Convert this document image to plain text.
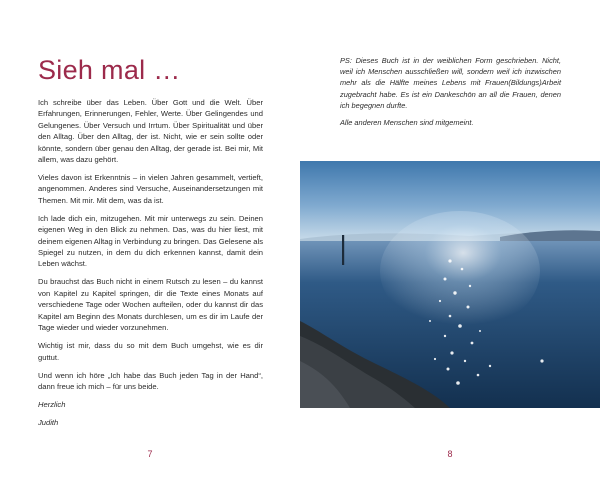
Sieh mal …

Ich schreibe über das Leben. Über Gott und die Welt. Über Erfahrungen, Erinnerungen, Fehler, Werte. Über Gelingendes und Gelungenes. Über Versuch und Irrtum. Über Spiritualität und über den Alltag. Über den Alltag, der ist. Nicht, wie er sein sollte oder könnte, sondern über genau den Alltag, der gerade ist. Bei mir, Mit allem, was dazu gehört.

Vieles davon ist Erkenntnis – in vielen Jahren gesammelt, vertieft, angenommen. Anderes sind Versuche, Auseinandersetzungen mit Themen. Mit mir. Mit dem, was da ist.

Ich lade dich ein, mitzugehen. Mit mir unterwegs zu sein. Deinen eigenen Weg in den Blick zu nehmen. Das, was du hier liest, mit deinem eigenen Alltag in Verbindung zu bringen. Das Gelesene als Spiegel zu nutzen, in dem du dich erkennen kannst, damit dein Leben wächst.

Du brauchst das Buch nicht in einem Rutsch zu lesen – du kannst von Kapitel zu Kapitel springen, dir die Texte eines Monats auf verschiedene Tage oder Wochen aufteilen, oder du kannst dir das Kapitel am Beginn des Monats durchlesen, um es dir im Laufe der Tage wieder und wieder vorzunehmen.

Wichtig ist mir, dass du so mit dem Buch umgehst, wie es dir guttut.

Und wenn ich höre „Ich habe das Buch jeden Tag in der Hand“, dann freue ich mich – für uns beide.

Herzlich

Judith

7

PS: Dieses Buch ist in der weiblichen Form geschrieben. Nicht, weil ich Menschen ausschließen will, sondern weil ich inzwischen mehr als die Hälfte meines Lebens mit Frauen(Bildungs)Arbeit zugebracht habe. Es ist ein Dankeschön an all die Frauen, denen ich begegnen durfte.

Alle anderen Menschen sind mitgemeint.

8
